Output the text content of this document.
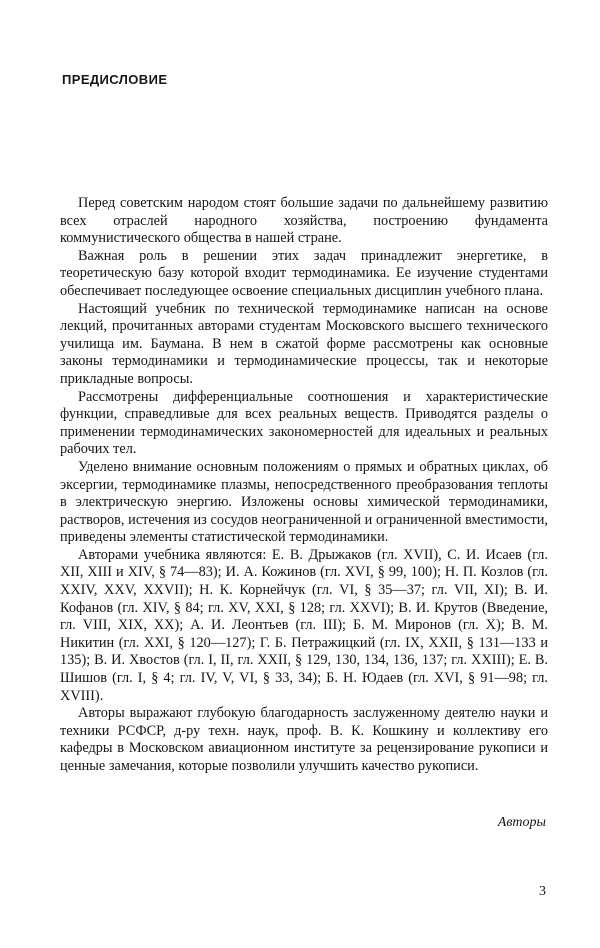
ПРЕДИСЛОВИЕ

Перед советским народом стоят большие задачи по дальнейшему развитию всех отраслей народного хозяйства, построению фундамента коммунистического общества в нашей стране.

Важная роль в решении этих задач принадлежит энергетике, в теоретическую базу которой входит термодинамика. Ее изучение студентами обеспечивает последующее освоение специальных дисциплин учебного плана.

Настоящий учебник по технической термодинамике написан на основе лекций, прочитанных авторами студентам Московского высшего технического училища им. Баумана. В нем в сжатой форме рассмотрены как основные законы термодинамики и термодинамические процессы, так и некоторые прикладные вопросы.

Рассмотрены дифференциальные соотношения и характеристические функции, справедливые для всех реальных веществ. Приводятся разделы о применении термодинамических закономерностей для идеальных и реальных рабочих тел.

Уделено внимание основным положениям о прямых и обратных циклах, об эксергии, термодинамике плазмы, непосредственного преобразования теплоты в электрическую энергию. Изложены основы химической термодинамики, растворов, истечения из сосудов неограниченной и ограниченной вместимости, приведены элементы статистической термодинамики.

Авторами учебника являются: Е. В. Дрыжаков (гл. XVII), С. И. Исаев (гл. XII, XIII и XIV, § 74—83); И. А. Кожинов (гл. XVI, § 99, 100); Н. П. Козлов (гл. XXIV, XXV, XXVII); Н. К. Корнейчук (гл. VI, § 35—37; гл. VII, XI); В. И. Кофанов (гл. XIV, § 84; гл. XV, XXI, § 128; гл. XXVI); В. И. Крутов (Введение, гл. VIII, XIX, XX); А. И. Леонтьев (гл. III); Б. М. Миронов (гл. X); В. М. Никитин (гл. XXI, § 120—127); Г. Б. Петражицкий (гл. IX, XXII, § 131—133 и 135); В. И. Хвостов (гл. I, II, гл. XXII, § 129, 130, 134, 136, 137; гл. XXIII); Е. В. Шишов (гл. I, § 4; гл. IV, V, VI, § 33, 34); Б. Н. Юдаев (гл. XVI, § 91—98; гл. XVIII).

Авторы выражают глубокую благодарность заслуженному деятелю науки и техники РСФСР, д-ру техн. наук, проф. В. К. Кошкину и коллективу его кафедры в Московском авиационном институте за рецензирование рукописи и ценные замечания, которые позволили улучшить качество рукописи.

Авторы
3
